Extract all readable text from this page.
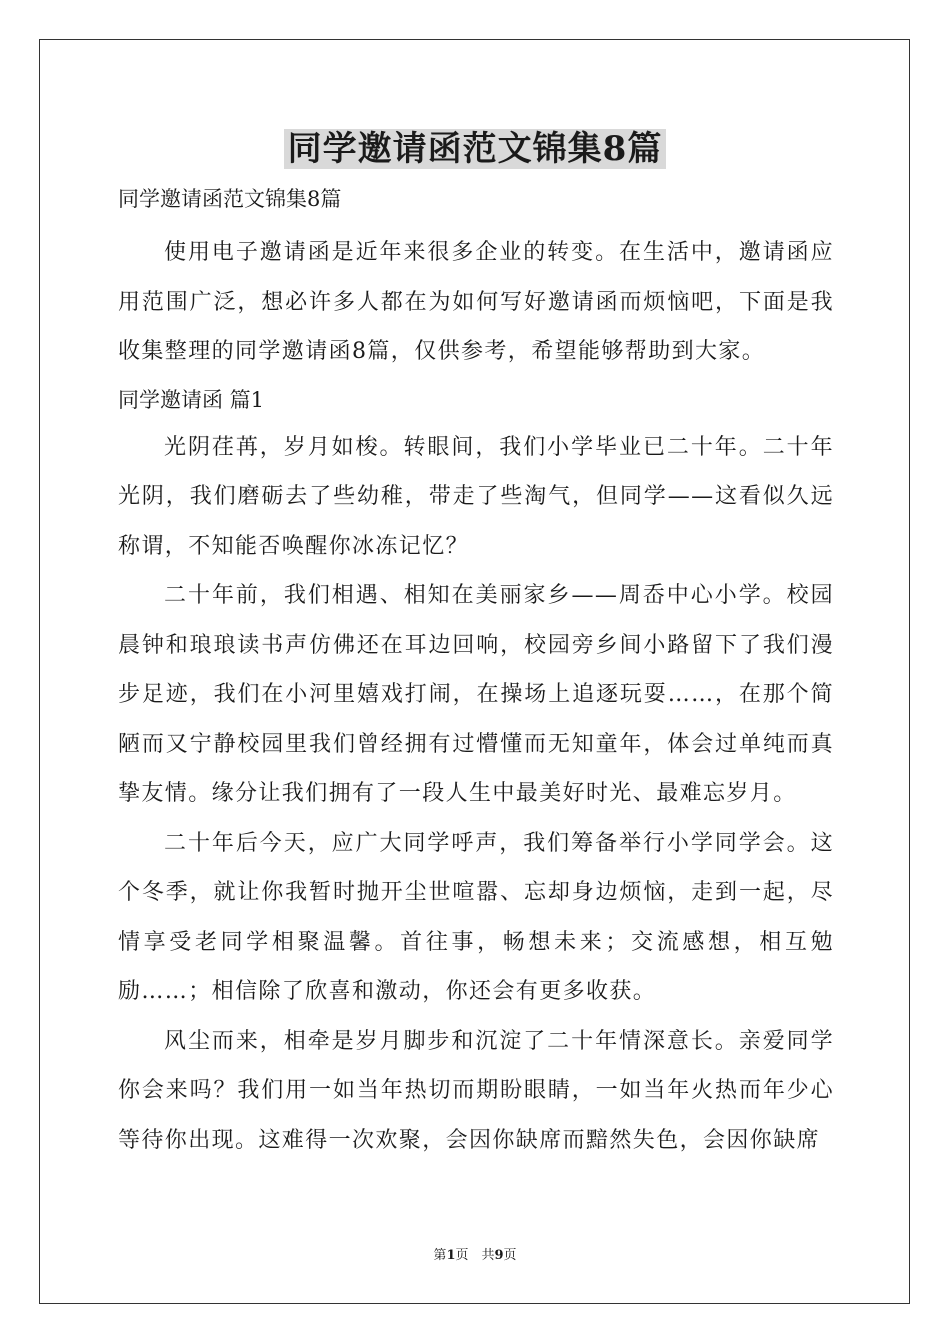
同学邀请函范文锦集8篇

同学邀请函范文锦集8篇

使用电子邀请函是近年来很多企业的转变。在生活中，邀请函应用范围广泛，想必许多人都在为如何写好邀请函而烦恼吧，下面是我收集整理的同学邀请函8篇，仅供参考，希望能够帮助到大家。

同学邀请函 篇1

光阴荏苒，岁月如梭。转眼间，我们小学毕业已二十年。二十年光阴，我们磨砺去了些幼稚，带走了些淘气，但同学——这看似久远称谓，不知能否唤醒你冰冻记忆？

二十年前，我们相遇、相知在美丽家乡——周岙中心小学。校园晨钟和琅琅读书声仿佛还在耳边回响，校园旁乡间小路留下了我们漫步足迹，我们在小河里嬉戏打闹，在操场上追逐玩耍……，在那个简陋而又宁静校园里我们曾经拥有过懵懂而无知童年，体会过单纯而真挚友情。缘分让我们拥有了一段人生中最美好时光、最难忘岁月。

二十年后今天，应广大同学呼声，我们筹备举行小学同学会。这个冬季，就让你我暂时抛开尘世喧嚣、忘却身边烦恼，走到一起，尽情享受老同学相聚温馨。首往事，畅想未来；交流感想，相互勉励……；相信除了欣喜和激动，你还会有更多收获。

风尘而来，相牵是岁月脚步和沉淀了二十年情深意长。亲爱同学你会来吗？我们用一如当年热切而期盼眼睛，一如当年火热而年少心等待你出现。这难得一次欢聚，会因你缺席而黯然失色，会因你缺席

第1页　共9页
